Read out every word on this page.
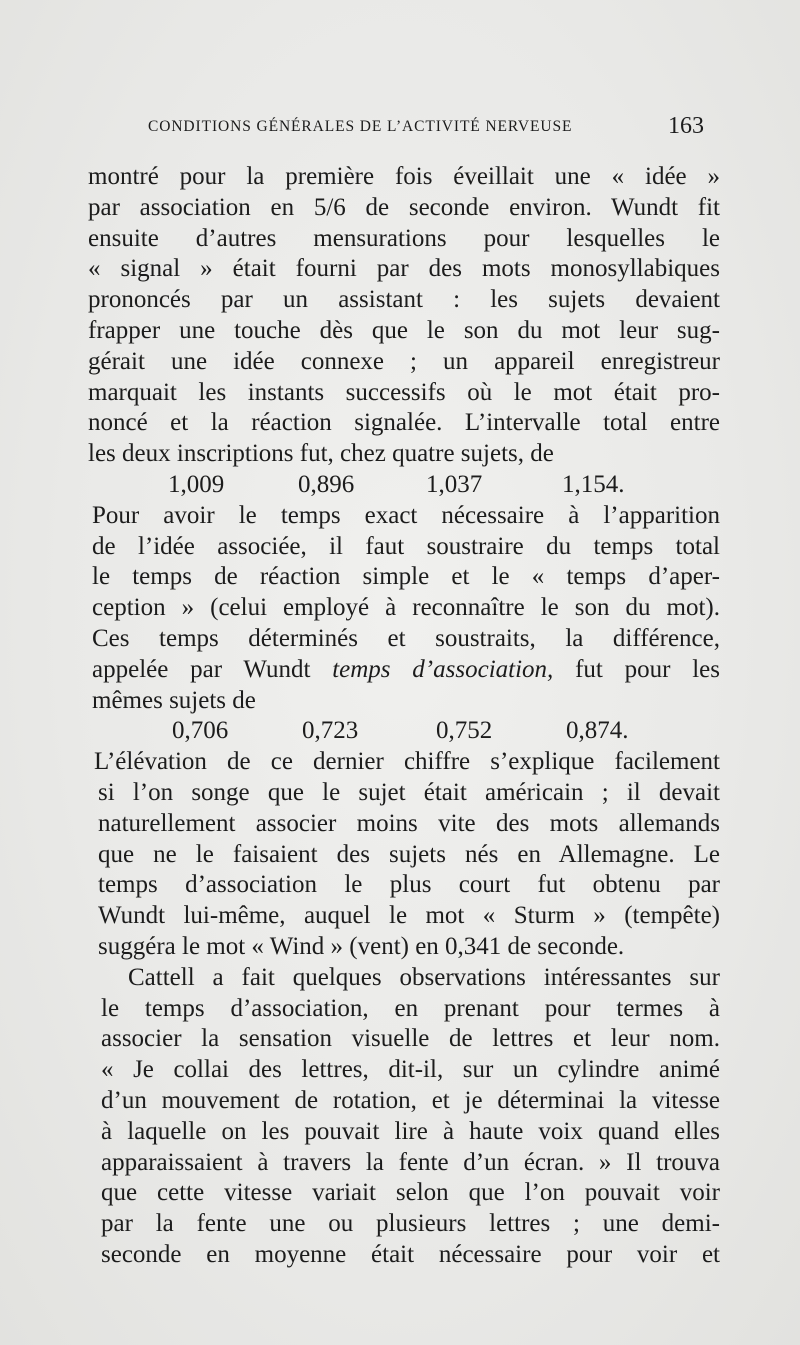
CONDITIONS GÉNÉRALES DE L’ACTIVITÉ NERVEUSE	163
montré pour la première fois éveillait une « idée »
par association en 5/6 de seconde environ. Wundt fit
ensuite d’autres mensurations pour lesquelles le
« signal » était fourni par des mots monosyllabiques
prononcés par un assistant : les sujets devaient
frapper une touche dès que le son du mot leur sug-
gérait une idée connexe ; un appareil enregistreur
marquait les instants successifs où le mot était pro-
noncé et la réaction signalée. L’intervalle total entre
les deux inscriptions fut, chez quatre sujets, de
1,009	0,896	1,037	1,154.
Pour avoir le temps exact nécessaire à l’apparition
de l’idée associée, il faut soustraire du temps total
le temps de réaction simple et le « temps d’aper-
ception » (celui employé à reconnaître le son du mot).
Ces temps déterminés et soustraits, la différence,
appelée par Wundt temps d’association, fut pour les
mêmes sujets de
0,706	0,723	0,752	0,874.
L’élévation de ce dernier chiffre s’explique facilement
si l’on songe que le sujet était américain ; il devait
naturellement associer moins vite des mots allemands
que ne le faisaient des sujets nés en Allemagne. Le
temps d’association le plus court fut obtenu par
Wundt lui-même, auquel le mot « Sturm » (tempête)
suggéra le mot « Wind » (vent) en 0,341 de seconde.
Cattell a fait quelques observations intéressantes sur
le temps d’association, en prenant pour termes à
associer la sensation visuelle de lettres et leur nom.
« Je collai des lettres, dit-il, sur un cylindre animé
d’un mouvement de rotation, et je déterminai la vitesse
à laquelle on les pouvait lire à haute voix quand elles
apparaissaient à travers la fente d’un écran. » Il trouva
que cette vitesse variait selon que l’on pouvait voir
par la fente une ou plusieurs lettres ; une demi-
seconde en moyenne était nécessaire pour voir et
